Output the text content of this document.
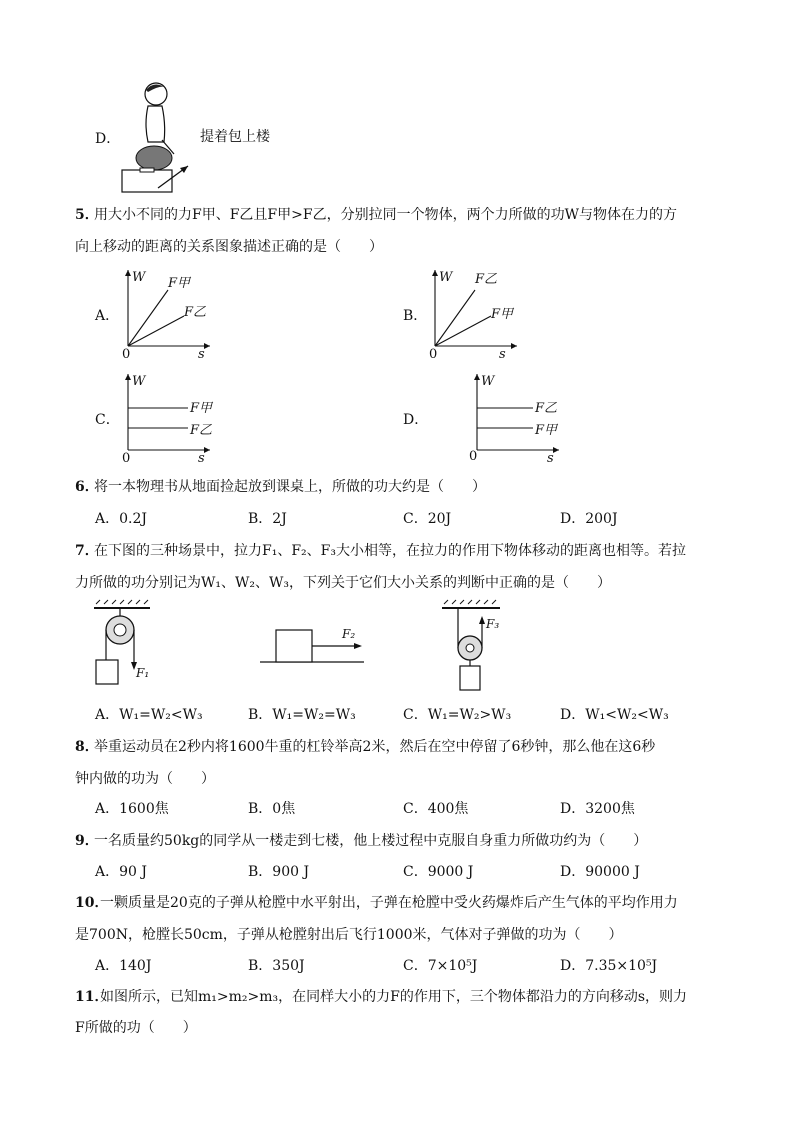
D．	提着包上楼
5．
用大小不同的力F甲、F乙且F甲>F乙，分别拉同一个物体，两个力所做的功W与物体在力的方
向上移动的距离的关系图象描述正确的是（　　）
A．
W
s
0
F甲
F乙	B．
W
s
0
F乙
F甲
C．
W
s
0
F甲
F乙
D．
W
s
0
F乙
F甲
6．
将一本物理书从地面捡起放到课桌上，所做的功大约是（　　）
A．0.2J	B．2J	C．20J	D．200J
7．
在下图的三种场景中，拉力F₁、F₂、F₃大小相等，在拉力的作用下物体移动的距离也相等。若拉
力所做的功分别记为W₁、W₂、W₃，下列关于它们大小关系的判断中正确的是（　　）
F₁
F₂
F₃
A．W₁=W₂<W₃	B．W₁=W₂=W₃	C．W₁=W₂>W₃	D．W₁<W₂<W₃
8．
举重运动员在2秒内将1600牛重的杠铃举高2米，然后在空中停留了6秒钟，那么他在这6秒
钟内做的功为（　　）
A．1600焦	B．0焦	C．400焦	D．3200焦
9．
一名质量约50kg的同学从一楼走到七楼，他上楼过程中克服自身重力所做功约为（　　）
A．90 J	B．900 J	C．9000 J	D．90000 J
10．
一颗质量是20克的子弹从枪膛中水平射出，子弹在枪膛中受火药爆炸后产生气体的平均作用力
是700N，枪膛长50cm，子弹从枪膛射出后飞行1000米，气体对子弹做的功为（　　）
A．140J	B．350J	C．7×10⁵J	D．7.35×10⁵J
11．
如图所示，已知m₁>m₂>m₃，在同样大小的力F的作用下，三个物体都沿力的方向移动s，则力
F所做的功（　　）
